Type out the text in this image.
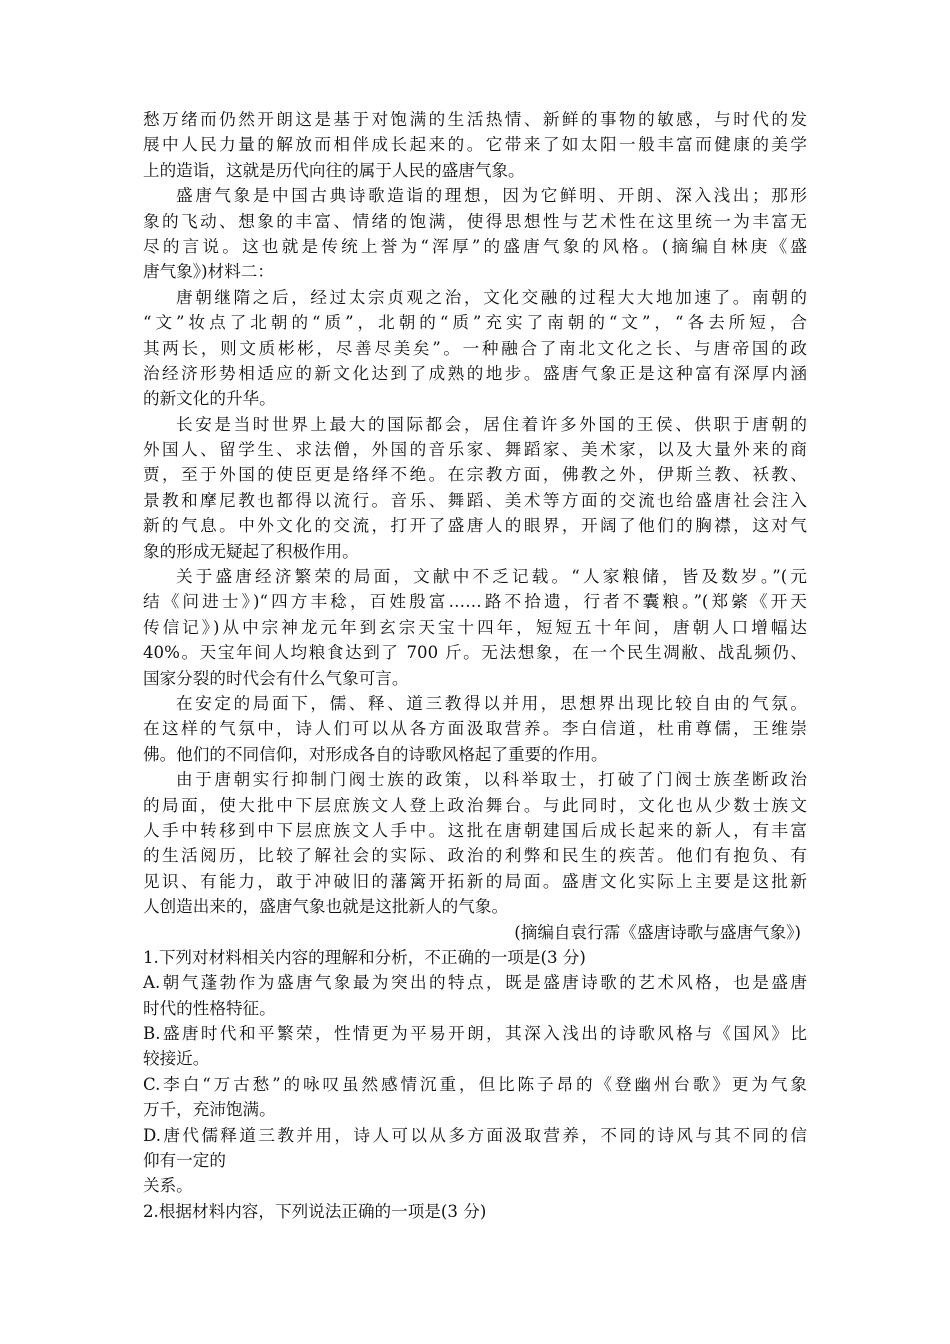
愁万绪而仍然开朗这是基于对饱满的生活热情、新鲜的事物的敏感，与时代的发
展中人民力量的解放而相伴成长起来的。它带来了如太阳一般丰富而健康的美学
上的造诣，这就是历代向往的属于人民的盛唐气象。
盛唐气象是中国古典诗歌造诣的理想，因为它鲜明、开朗、深入浅出；那形
象的飞动、想象的丰富、情绪的饱满，使得思想性与艺术性在这里统一为丰富无
尽的言说。这也就是传统上誉为“浑厚”的盛唐气象的风格。(摘编自林庚《盛
唐气象》)材料二：
唐朝继隋之后，经过太宗贞观之治，文化交融的过程大大地加速了。南朝的
“文”妆点了北朝的“质”，北朝的“质”充实了南朝的“文”，“各去所短，合
其两长，则文质彬彬，尽善尽美矣”。一种融合了南北文化之长、与唐帝国的政
治经济形势相适应的新文化达到了成熟的地步。盛唐气象正是这种富有深厚内涵
的新文化的升华。
长安是当时世界上最大的国际都会，居住着许多外国的王侯、供职于唐朝的
外国人、留学生、求法僧，外国的音乐家、舞蹈家、美术家，以及大量外来的商
贾，至于外国的使臣更是络绎不绝。在宗教方面，佛教之外，伊斯兰教、袄教、
景教和摩尼教也都得以流行。音乐、舞蹈、美术等方面的交流也给盛唐社会注入
新的气息。中外文化的交流，打开了盛唐人的眼界，开阔了他们的胸襟，这对气
象的形成无疑起了积极作用。
关于盛唐经济繁荣的局面，文献中不乏记载。“人家粮储，皆及数岁。”(元
结《问进士》)“四方丰稔，百姓殷富……路不拾遗，行者不囊粮。”(郑綮《开天
传信记》)从中宗神龙元年到玄宗天宝十四年，短短五十年间，唐朝人口增幅达
40%。天宝年间人均粮食达到了 700 斤。无法想象，在一个民生凋敝、战乱频仍、
国家分裂的时代会有什么气象可言。
在安定的局面下，儒、释、道三教得以并用，思想界出现比较自由的气氛。
在这样的气氛中，诗人们可以从各方面汲取营养。李白信道，杜甫尊儒，王维崇
佛。他们的不同信仰，对形成各自的诗歌风格起了重要的作用。
由于唐朝实行抑制门阀士族的政策，以科举取士，打破了门阀士族垄断政治
的局面，使大批中下层庶族文人登上政治舞台。与此同时，文化也从少数士族文
人手中转移到中下层庶族文人手中。这批在唐朝建国后成长起来的新人，有丰富
的生活阅历，比较了解社会的实际、政治的利弊和民生的疾苦。他们有抱负、有
见识、有能力，敢于冲破旧的藩篱开拓新的局面。盛唐文化实际上主要是这批新
人创造出来的，盛唐气象也就是这批新人的气象。
(摘编自袁行霈《盛唐诗歌与盛唐气象》)
1.下列对材料相关内容的理解和分析，不正确的一项是(3 分)
A.朝气蓬勃作为盛唐气象最为突出的特点，既是盛唐诗歌的艺术风格，也是盛唐
时代的性格特征。
B.盛唐时代和平繁荣，性情更为平易开朗，其深入浅出的诗歌风格与《国风》比
较接近。
C.李白“万古愁”的咏叹虽然感情沉重，但比陈子昂的《登幽州台歌》更为气象
万千，充沛饱满。
D.唐代儒释道三教并用，诗人可以从多方面汲取营养，不同的诗风与其不同的信
仰有一定的
关系。
2.根据材料内容，下列说法正确的一项是(3 分)
